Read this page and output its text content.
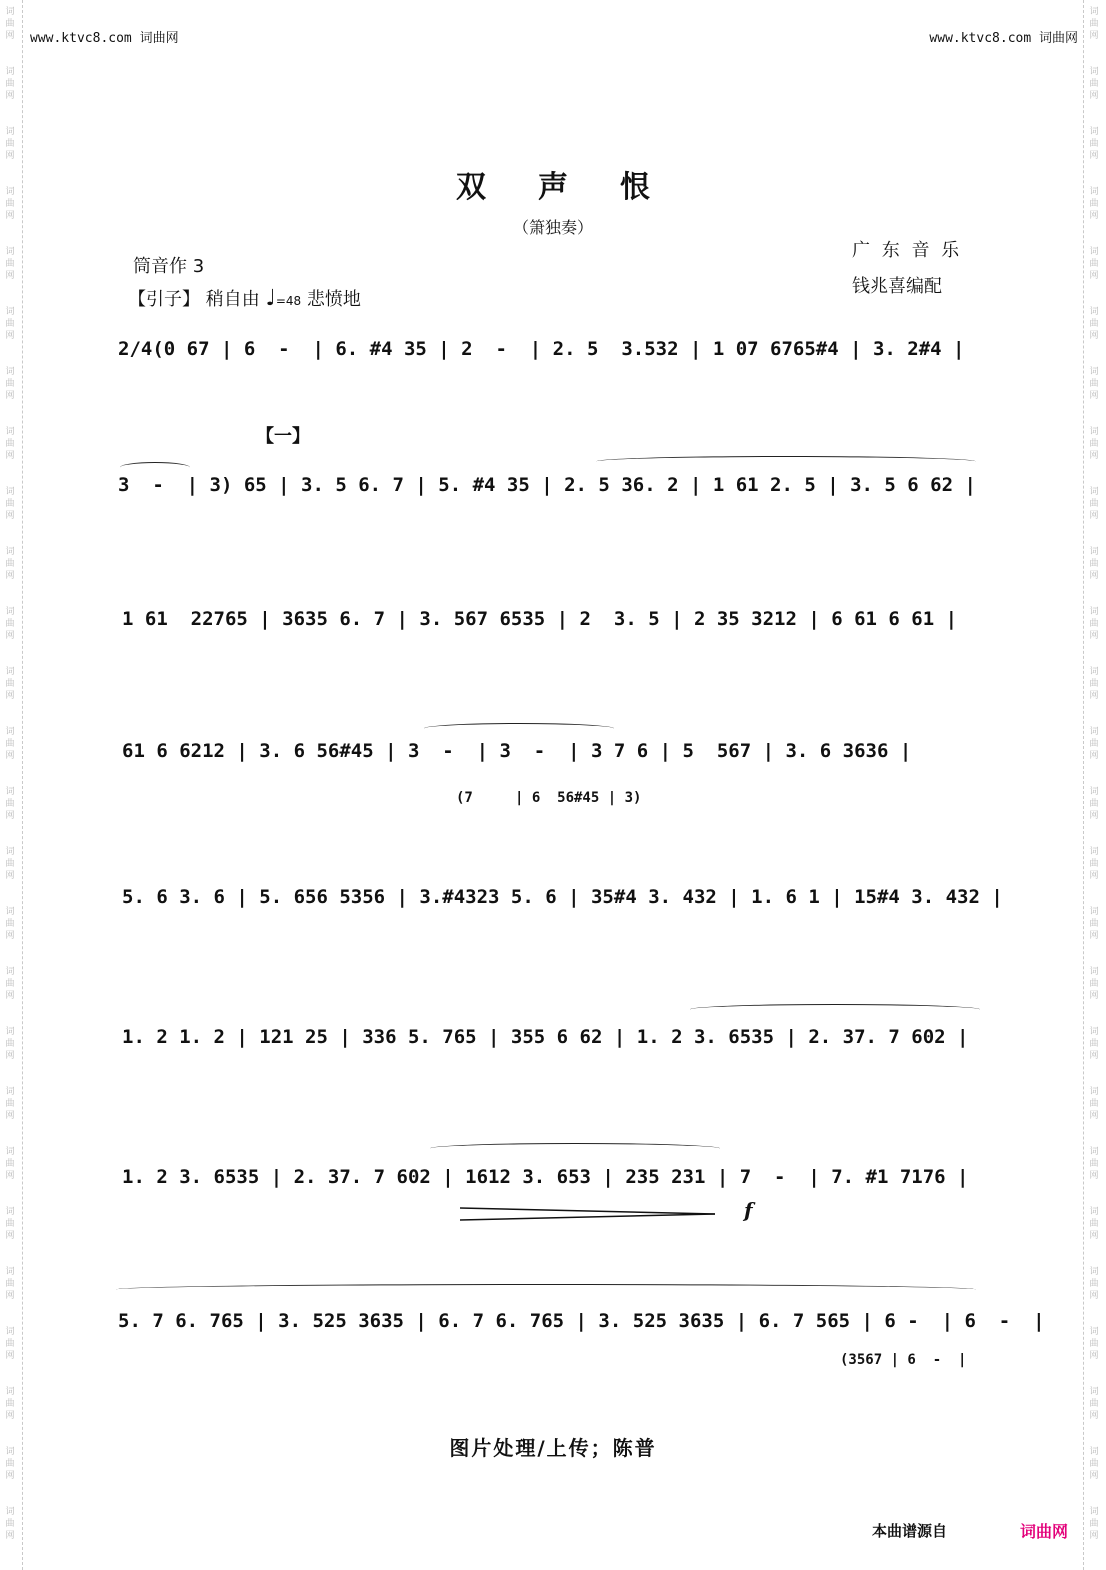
词
曲
网
词
曲
网
词
曲
网
词
曲
网
词
曲
网
词
曲
网
词
曲
网
词
曲
网
词
曲
网
词
曲
网
词
曲
网
词
曲
网
词
曲
网
词
曲
网
词
曲
网
词
曲
网
词
曲
网
词
曲
网
词
曲
网
词
曲
网
词
曲
网
词
曲
网
词
曲
网
词
曲
网
词
曲
网
词
曲
网
词
曲
网
词
曲
网
词
曲
网
词
曲
网
词
曲
网
词
曲
网
词
曲
网
词
曲
网
词
曲
网
词
曲
网
词
曲
网
词
曲
网
词
曲
网
词
曲
网
词
曲
网
词
曲
网
词
曲
网
词
曲
网
词
曲
网
词
曲
网
词
曲
网
词
曲
网
词
曲
网
词
曲
网
词
曲
网
词
曲
网
www.ktvc8.com 词曲网	www.ktvc8.com 词曲网
双声恨
（箫独奏）
筒音作 3
广 东 音 乐
钱兆喜编配
【引子】 稍自由 ♩=48 悲愤地
【一】
2/4(0 67 | 6  -  | 6. #4 35 | 2  -  | 2. 5  3.532 | 1 07 6765#4 | 3. 2#4 |
3  -  | 3) 65 | 3. 5 6. 7 | 5. #4 35 | 2. 5 36. 2 | 1 61 2. 5 | 3. 5 6 62 |
1 61  22765 | 3635 6. 7 | 3. 567 6535 | 2  3. 5 | 2 35 3212 | 6 61 6 61 |
61 6 6212 | 3. 6 56#45 | 3  -  | 3  -  | 3 7 6 | 5  567 | 3. 6 3636 |
(7     | 6  56#45 | 3)
5. 6 3. 6 | 5. 656 5356 | 3.#4323 5. 6 | 35#4 3. 432 | 1. 6 1 | 15#4 3. 432 |
1. 2 1. 2 | 121 25 | 336 5. 765 | 355 6 62 | 1. 2 3. 6535 | 2. 37. 7 602 |
1. 2 3. 6535 | 2. 37. 7 602 | 1612 3. 653 | 235 231 | 7  -  | 7. #1 7176 |
5. 7 6. 765 | 3. 525 3635 | 6. 7 6. 765 | 3. 525 3635 | 6. 7 565 | 6 -  | 6  -  |
(3567 | 6  -  |
f
图片处理/上传；陈普
本曲谱源自	词曲网
